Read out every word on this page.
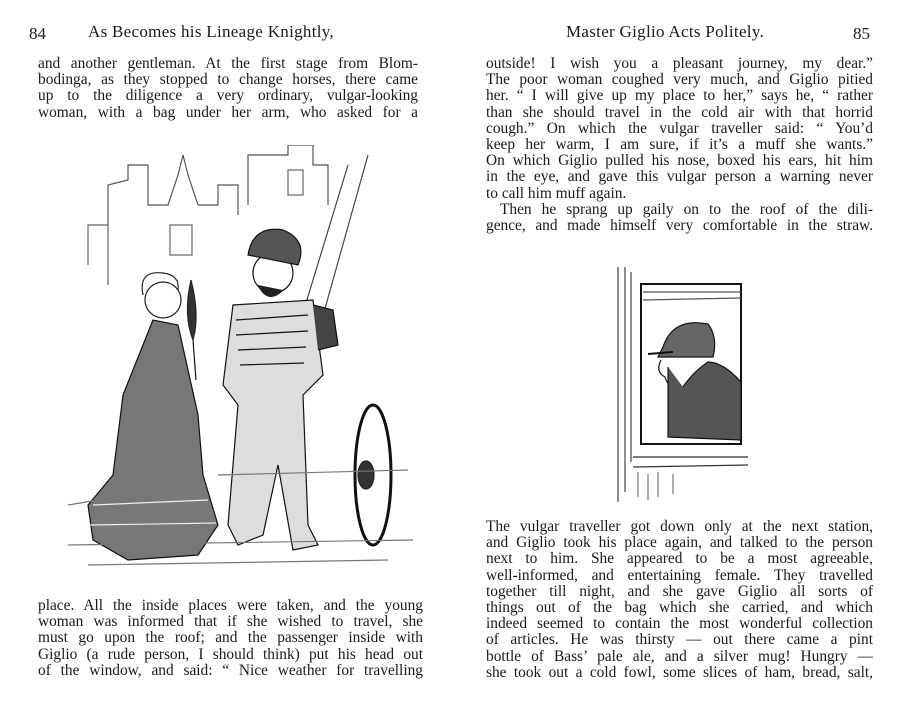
84 As Becomes his Lineage Knightly,
and another gentleman. At the first stage from Blom-
bodinga, as they stopped to change horses, there came
up to the diligence a very ordinary, vulgar-looking
woman, with a bag under her arm, who asked for a
place. All the inside places were taken, and the young
woman was informed that if she wished to travel, she
must go upon the roof; and the passenger inside with
Giglio (a rude person, I should think) put his head out
of the window, and said: “ Nice weather for travelling
Master Giglio Acts Politely.	85
outside! I wish you a pleasant journey, my dear.”
The poor woman coughed very much, and Giglio pitied
her. “ I will give up my place to her,” says he, “ rather
than she should travel in the cold air with that horrid
cough.” On which the vulgar traveller said: “ You’d
keep her warm, I am sure, if it’s a muff she wants.”
On which Giglio pulled his nose, boxed his ears, hit him
in the eye, and gave this vulgar person a warning never
to call him muff again.
Then he sprang up gaily on to the roof of the dili-
gence, and made himself very comfortable in the straw.
The vulgar traveller got down only at the next station,
and Giglio took his place again, and talked to the person
next to him. She appeared to be a most agreeable,
well-informed, and entertaining female. They travelled
together till night, and she gave Giglio all sorts of
things out of the bag which she carried, and which
indeed seemed to contain the most wonderful collection
of articles. He was thirsty — out there came a pint
bottle of Bass’ pale ale, and a silver mug! Hungry —
she took out a cold fowl, some slices of ham, bread, salt,
